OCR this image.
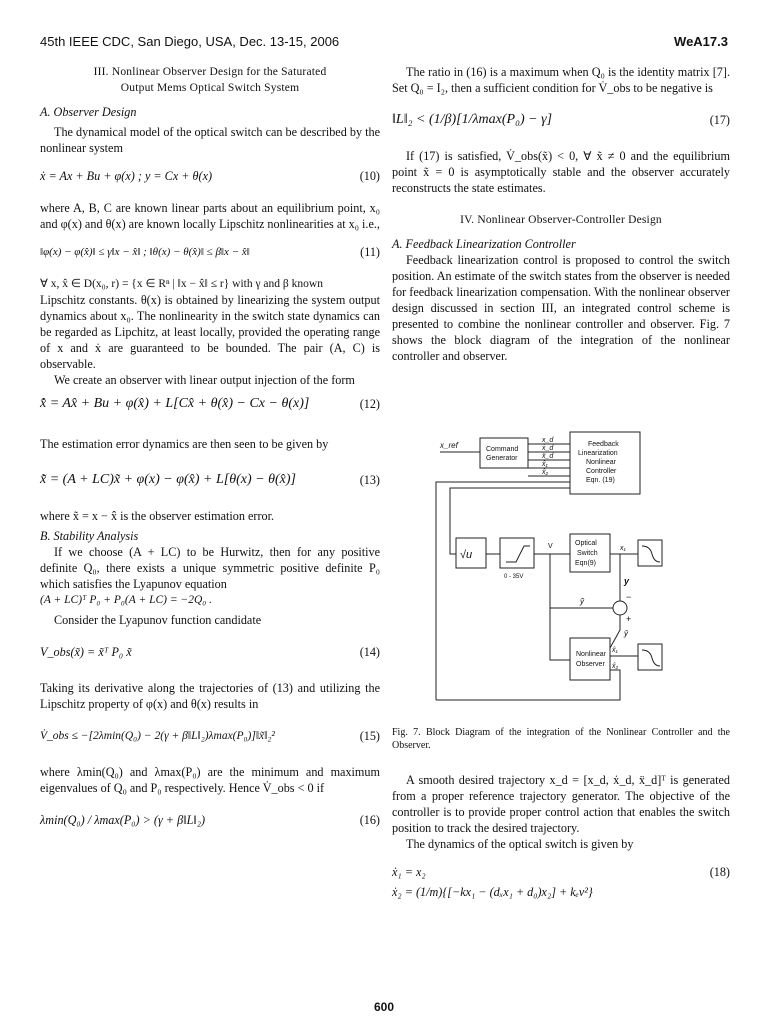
45th IEEE CDC, San Diego, USA, Dec. 13-15, 2006	WeA17.3

III. Nonlinear Observer Design for the Saturated

Output Mems Optical Switch System

A. Observer Design

The dynamical model of the optical switch can be described by the nonlinear system

ẋ = Ax + Bu + φ(x) ; y = Cx + θ(x)	(10)

where A, B, C are known linear parts about an equilibrium point, x₀ and φ(x) and θ(x) are known locally Lipschitz nonlinearities at x₀ i.e.,

‖φ(x) − φ(x̂)‖ ≤ γ‖x − x̂‖ ; ‖θ(x) − θ(x̂)‖ ≤ β‖x − x̂‖	(11)

∀ x, x̂ ∈ D(x₀, r) = {x ∈ Rⁿ | ‖x − x̂‖ ≤ r} with γ and β known

Lipschitz constants. θ(x) is obtained by linearizing the system output dynamics about x₀. The nonlinearity in the switch state dynamics can be regarded as Lipchitz, at least locally, provided the operating range of x and ẋ are guaranteed to be bounded. The pair (A, C) is observable.

We create an observer with linear output injection of the form

x̂̇ = Ax̂ + Bu + φ(x̂) + L[Cx̂ + θ(x̂) − Cx − θ(x)]	(12)

The estimation error dynamics are then seen to be given by

x̃̇ = (A + LC)x̃ + φ(x) − φ(x̂) + L[θ(x) − θ(x̂)]	(13)

where x̃ = x − x̂ is the observer estimation error.

B. Stability Analysis

If we choose (A + LC) to be Hurwitz, then for any positive definite Q₀, there exists a unique symmetric positive definite P₀ which satisfies the Lyapunov equation

(A + LC)ᵀ P₀ + P₀(A + LC) = −2Q₀ .

Consider the Lyapunov function candidate

V_obs(x̃) = x̃ᵀ P₀ x̃	(14)

Taking its derivative along the trajectories of (13) and utilizing the Lipschitz property of φ(x) and θ(x) results in

V̇_obs ≤ −[2λmin(Q₀) − 2(γ + β‖L‖₂)λmax(P₀)]‖x̃‖₂²	(15)

where λmin(Q₀) and λmax(P₀) are the minimum and maximum eigenvalues of Q₀ and P₀ respectively. Hence V̇_obs < 0 if

λmin(Q₀) / λmax(P₀) > (γ + β‖L‖₂)	(16)

The ratio in (16) is a maximum when Q₀ is the identity matrix [7]. Set Q₀ = I₂, then a sufficient condition for V̇_obs to be negative is

‖L‖₂ < (1/β)[1/λmax(P₀) − γ]	(17)

If (17) is satisfied, V̇_obs(x̃) < 0, ∀ x̃ ≠ 0 and the equilibrium point x̃ = 0 is asymptotically stable and the observer accurately reconstructs the state estimates.

IV. Nonlinear Observer-Controller Design

A. Feedback Linearization Controller

Feedback linearization control is proposed to control the switch position. An estimate of the switch states from the observer is needed for feedback linearization compensation. With the nonlinear observer design discussed in section III, an integrated control scheme is presented to combine the nonlinear controller and observer. Fig. 7 shows the block diagram of the integration of the nonlinear controller and observer.

x_ref	Command
Generator
x_d
ẋ_d
ẍ_d
x̂₁
x̂₂
Feedback
Linearization
Nonlinear
Controller
Eqn. (19)
√u
0 - 35V
V	Optical
Switch
Eqn(9)
x₁
y
ỹ
ŷ
−
+
Nonlinear
Observer
x̂₁
x̂₂

Fig. 7. Block Diagram of the integration of the Nonlinear Controller and the Observer.

A smooth desired trajectory x_d = [x_d, ẋ_d, ẍ_d]ᵀ is generated from a proper reference trajectory generator. The objective of the controller is to provide proper control action that enables the switch position to track the desired trajectory.

The dynamics of the optical switch is given by

ẋ₁ = x₂	(18)
ẋ₂ = (1/m){[−kx₁ − (dₓx₁ + d₀)x₂] + kₑv²}
600
